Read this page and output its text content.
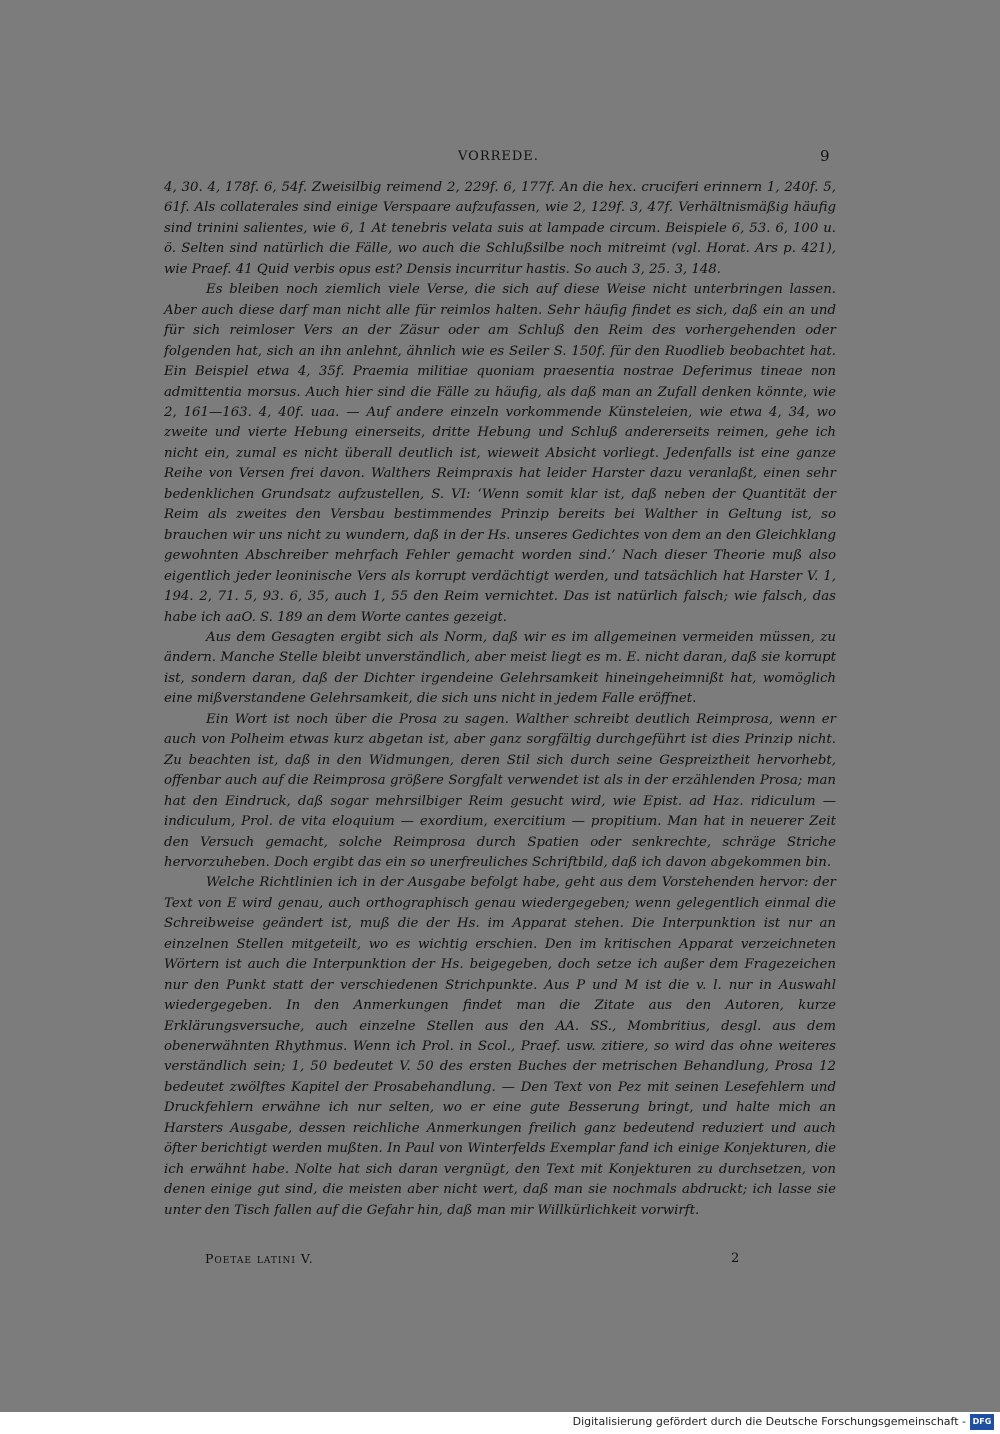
VORREDE.	9

4, 30. 4, 178f. 6, 54f. Zweisilbig reimend 2, 229f. 6, 177f. An die hex. cruciferi erinnern 1, 240f. 5, 61f. Als collaterales sind einige Verspaare aufzufassen, wie 2, 129f. 3, 47f. Verhältnismäßig häufig sind trinini salientes, wie 6, 1 At tenebris velata suis at lampade circum. Beispiele 6, 53. 6, 100 u. ö. Selten sind natürlich die Fälle, wo auch die Schlußsilbe noch mitreimt (vgl. Horat. Ars p. 421), wie Praef. 41 Quid verbis opus est? Densis incurritur hastis. So auch 3, 25. 3, 148.

Es bleiben noch ziemlich viele Verse, die sich auf diese Weise nicht unterbringen lassen. Aber auch diese darf man nicht alle für reimlos halten. Sehr häufig findet es sich, daß ein an und für sich reimloser Vers an der Zäsur oder am Schluß den Reim des vorhergehenden oder folgenden hat, sich an ihn anlehnt, ähnlich wie es Seiler S. 150f. für den Ruodlieb beobachtet hat. Ein Beispiel etwa 4, 35f. Praemia militiae quoniam praesentia nostrae Deferimus tineae non admittentia morsus. Auch hier sind die Fälle zu häufig, als daß man an Zufall denken könnte, wie 2, 161—163. 4, 40f. uaa. — Auf andere einzeln vorkommende Künsteleien, wie etwa 4, 34, wo zweite und vierte Hebung einerseits, dritte Hebung und Schluß andererseits reimen, gehe ich nicht ein, zumal es nicht überall deutlich ist, wieweit Absicht vorliegt. Jedenfalls ist eine ganze Reihe von Versen frei davon. Walthers Reimpraxis hat leider Harster dazu veranlaßt, einen sehr bedenklichen Grundsatz aufzustellen, S. VI: ‘Wenn somit klar ist, daß neben der Quantität der Reim als zweites den Versbau bestimmendes Prinzip bereits bei Walther in Geltung ist, so brauchen wir uns nicht zu wundern, daß in der Hs. unseres Gedichtes von dem an den Gleichklang gewohnten Abschreiber mehrfach Fehler gemacht worden sind.’ Nach dieser Theorie muß also eigentlich jeder leoninische Vers als korrupt verdächtigt werden, und tatsächlich hat Harster V. 1, 194. 2, 71. 5, 93. 6, 35, auch 1, 55 den Reim vernichtet. Das ist natürlich falsch; wie falsch, das habe ich aaO. S. 189 an dem Worte cantes gezeigt.

Aus dem Gesagten ergibt sich als Norm, daß wir es im allgemeinen vermeiden müssen, zu ändern. Manche Stelle bleibt unverständlich, aber meist liegt es m. E. nicht daran, daß sie korrupt ist, sondern daran, daß der Dichter irgendeine Gelehrsamkeit hineingeheimnißt hat, womöglich eine mißverstandene Gelehrsamkeit, die sich uns nicht in jedem Falle eröffnet.

Ein Wort ist noch über die Prosa zu sagen. Walther schreibt deutlich Reimprosa, wenn er auch von Polheim etwas kurz abgetan ist, aber ganz sorgfältig durchgeführt ist dies Prinzip nicht. Zu beachten ist, daß in den Widmungen, deren Stil sich durch seine Gespreiztheit hervorhebt, offenbar auch auf die Reimprosa größere Sorgfalt verwendet ist als in der erzählenden Prosa; man hat den Eindruck, daß sogar mehrsilbiger Reim gesucht wird, wie Epist. ad Haz. ridiculum — indiculum, Prol. de vita eloquium — exordium, exercitium — propitium. Man hat in neuerer Zeit den Versuch gemacht, solche Reimprosa durch Spatien oder senkrechte, schräge Striche hervorzuheben. Doch ergibt das ein so unerfreuliches Schriftbild, daß ich davon abgekommen bin.

Welche Richtlinien ich in der Ausgabe befolgt habe, geht aus dem Vorstehenden hervor: der Text von E wird genau, auch orthographisch genau wiedergegeben; wenn gelegentlich einmal die Schreibweise geändert ist, muß die der Hs. im Apparat stehen. Die Interpunktion ist nur an einzelnen Stellen mitgeteilt, wo es wichtig erschien. Den im kritischen Apparat verzeichneten Wörtern ist auch die Interpunktion der Hs. beigegeben, doch setze ich außer dem Fragezeichen nur den Punkt statt der verschiedenen Strichpunkte. Aus P und M ist die v. l. nur in Auswahl wiedergegeben. In den Anmerkungen findet man die Zitate aus den Autoren, kurze Erklärungsversuche, auch einzelne Stellen aus den AA. SS., Mombritius, desgl. aus dem obenerwähnten Rhythmus. Wenn ich Prol. in Scol., Praef. usw. zitiere, so wird das ohne weiteres verständlich sein; 1, 50 bedeutet V. 50 des ersten Buches der metrischen Behandlung, Prosa 12 bedeutet zwölftes Kapitel der Prosabehandlung. — Den Text von Pez mit seinen Lesefehlern und Druckfehlern erwähne ich nur selten, wo er eine gute Besserung bringt, und halte mich an Harsters Ausgabe, dessen reichliche Anmerkungen freilich ganz bedeutend reduziert und auch öfter berichtigt werden mußten. In Paul von Winterfelds Exemplar fand ich einige Konjekturen, die ich erwähnt habe. Nolte hat sich daran vergnügt, den Text mit Konjekturen zu durchsetzen, von denen einige gut sind, die meisten aber nicht wert, daß man sie nochmals abdruckt; ich lasse sie unter den Tisch fallen auf die Gefahr hin, daß man mir Willkürlichkeit vorwirft.

Poetae latini V.	2
Digitalisierung gefördert durch die Deutsche Forschungsgemeinschaft - DFG
